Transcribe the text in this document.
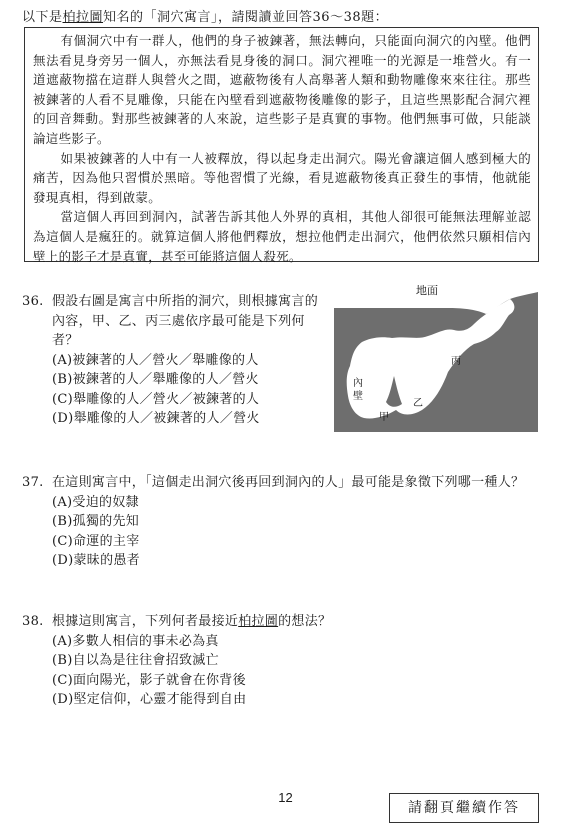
以下是柏拉圖知名的「洞穴寓言」，請閱讀並回答36～38題：

有個洞穴中有一群人，他們的身子被鍊著，無法轉向，只能面向洞穴的內壁。他們無法看見身旁另一個人，亦無法看見身後的洞口。洞穴裡唯一的光源是一堆營火。有一道遮蔽物擋在這群人與營火之間，遮蔽物後有人高舉著人類和動物雕像來來往往。那些被鍊著的人看不見雕像，只能在內壁看到遮蔽物後雕像的影子，且這些黑影配合洞穴裡的回音舞動。對那些被鍊著的人來說，這些影子是真實的事物。他們無事可做，只能談論這些影子。

如果被鍊著的人中有一人被釋放，得以起身走出洞穴。陽光會讓這個人感到極大的痛苦，因為他只習慣於黑暗。等他習慣了光線，看見遮蔽物後真正發生的事情，他就能發現真相，得到啟蒙。

當這個人再回到洞內，試著告訴其他人外界的真相，其他人卻很可能無法理解並認為這個人是瘋狂的。就算這個人將他們釋放，想拉他們走出洞穴，他們依然只願相信內壁上的影子才是真實，甚至可能將這個人殺死。

36. 假設右圖是寓言中所指的洞穴，則根據寓言的內容，甲、乙、丙三處依序最可能是下列何者？
(A)被鍊著的人／營火／舉雕像的人
(B)被鍊著的人／舉雕像的人／營火
(C)舉雕像的人／營火／被鍊著的人
(D)舉雕像的人／被鍊著的人／營火
地面
內
壁
甲
乙
丙
37. 在這則寓言中，「這個走出洞穴後再回到洞內的人」最可能是象徵下列哪一種人？
(A)受迫的奴隸
(B)孤獨的先知
(C)命運的主宰
(D)蒙昧的愚者
38. 根據這則寓言，下列何者最接近柏拉圖的想法？
(A)多數人相信的事未必為真
(B)自以為是往往會招致滅亡
(C)面向陽光，影子就會在你背後
(D)堅定信仰，心靈才能得到自由
12
請翻頁繼續作答
